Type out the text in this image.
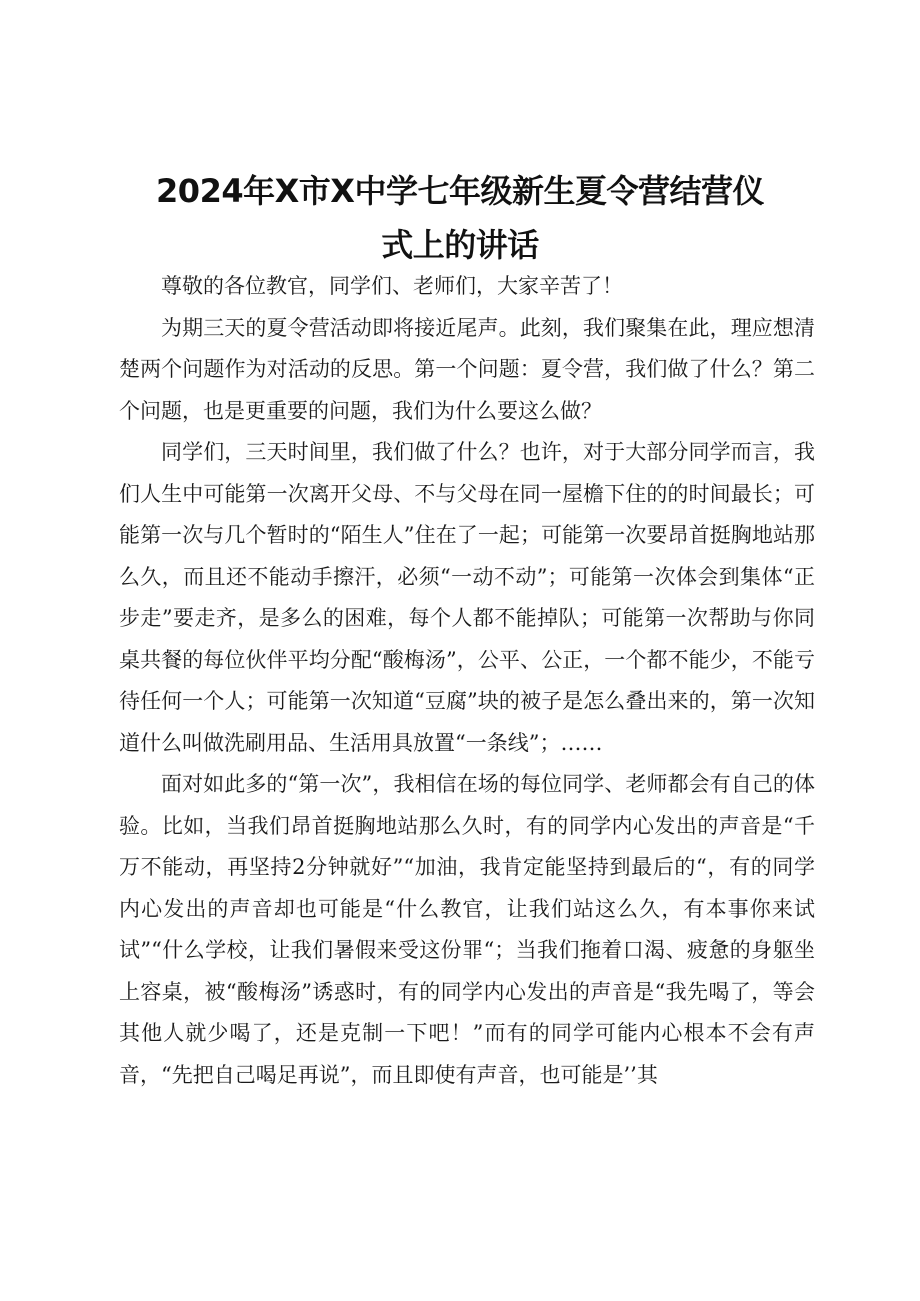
2024年X市X中学七年级新生夏令营结营仪
式上的讲话

尊敬的各位教官，同学们、老师们，大家辛苦了！

为期三天的夏令营活动即将接近尾声。此刻，我们聚集在此，理应想清楚两个问题作为对活动的反思。第一个问题：夏令营，我们做了什么？第二个问题，也是更重要的问题，我们为什么要这么做？

同学们，三天时间里，我们做了什么？也许，对于大部分同学而言，我们人生中可能第一次离开父母、不与父母在同一屋檐下住的的时间最长；可能第一次与几个暂时的“陌生人”住在了一起；可能第一次要昂首挺胸地站那么久，而且还不能动手擦汗，必须“一动不动”；可能第一次体会到集体“正步走”要走齐，是多么的困难，每个人都不能掉队；可能第一次帮助与你同桌共餐的每位伙伴平均分配“酸梅汤”，公平、公正，一个都不能少，不能亏待任何一个人；可能第一次知道“豆腐”块的被子是怎么叠出来的，第一次知道什么叫做洗刷用品、生活用具放置“一条线”；……

面对如此多的“第一次”，我相信在场的每位同学、老师都会有自己的体验。比如，当我们昂首挺胸地站那么久时，有的同学内心发出的声音是“千万不能动，再坚持2分钟就好”“加油，我肯定能坚持到最后的“，有的同学内心发出的声音却也可能是“什么教官，让我们站这么久，有本事你来试试”“什么学校，让我们暑假来受这份罪“；当我们拖着口渴、疲惫的身躯坐上容桌，被“酸梅汤”诱惑时，有的同学内心发出的声音是“我先喝了，等会其他人就少喝了，还是克制一下吧！”而有的同学可能内心根本不会有声音，“先把自己喝足再说”，而且即使有声音，也可能是’’其
